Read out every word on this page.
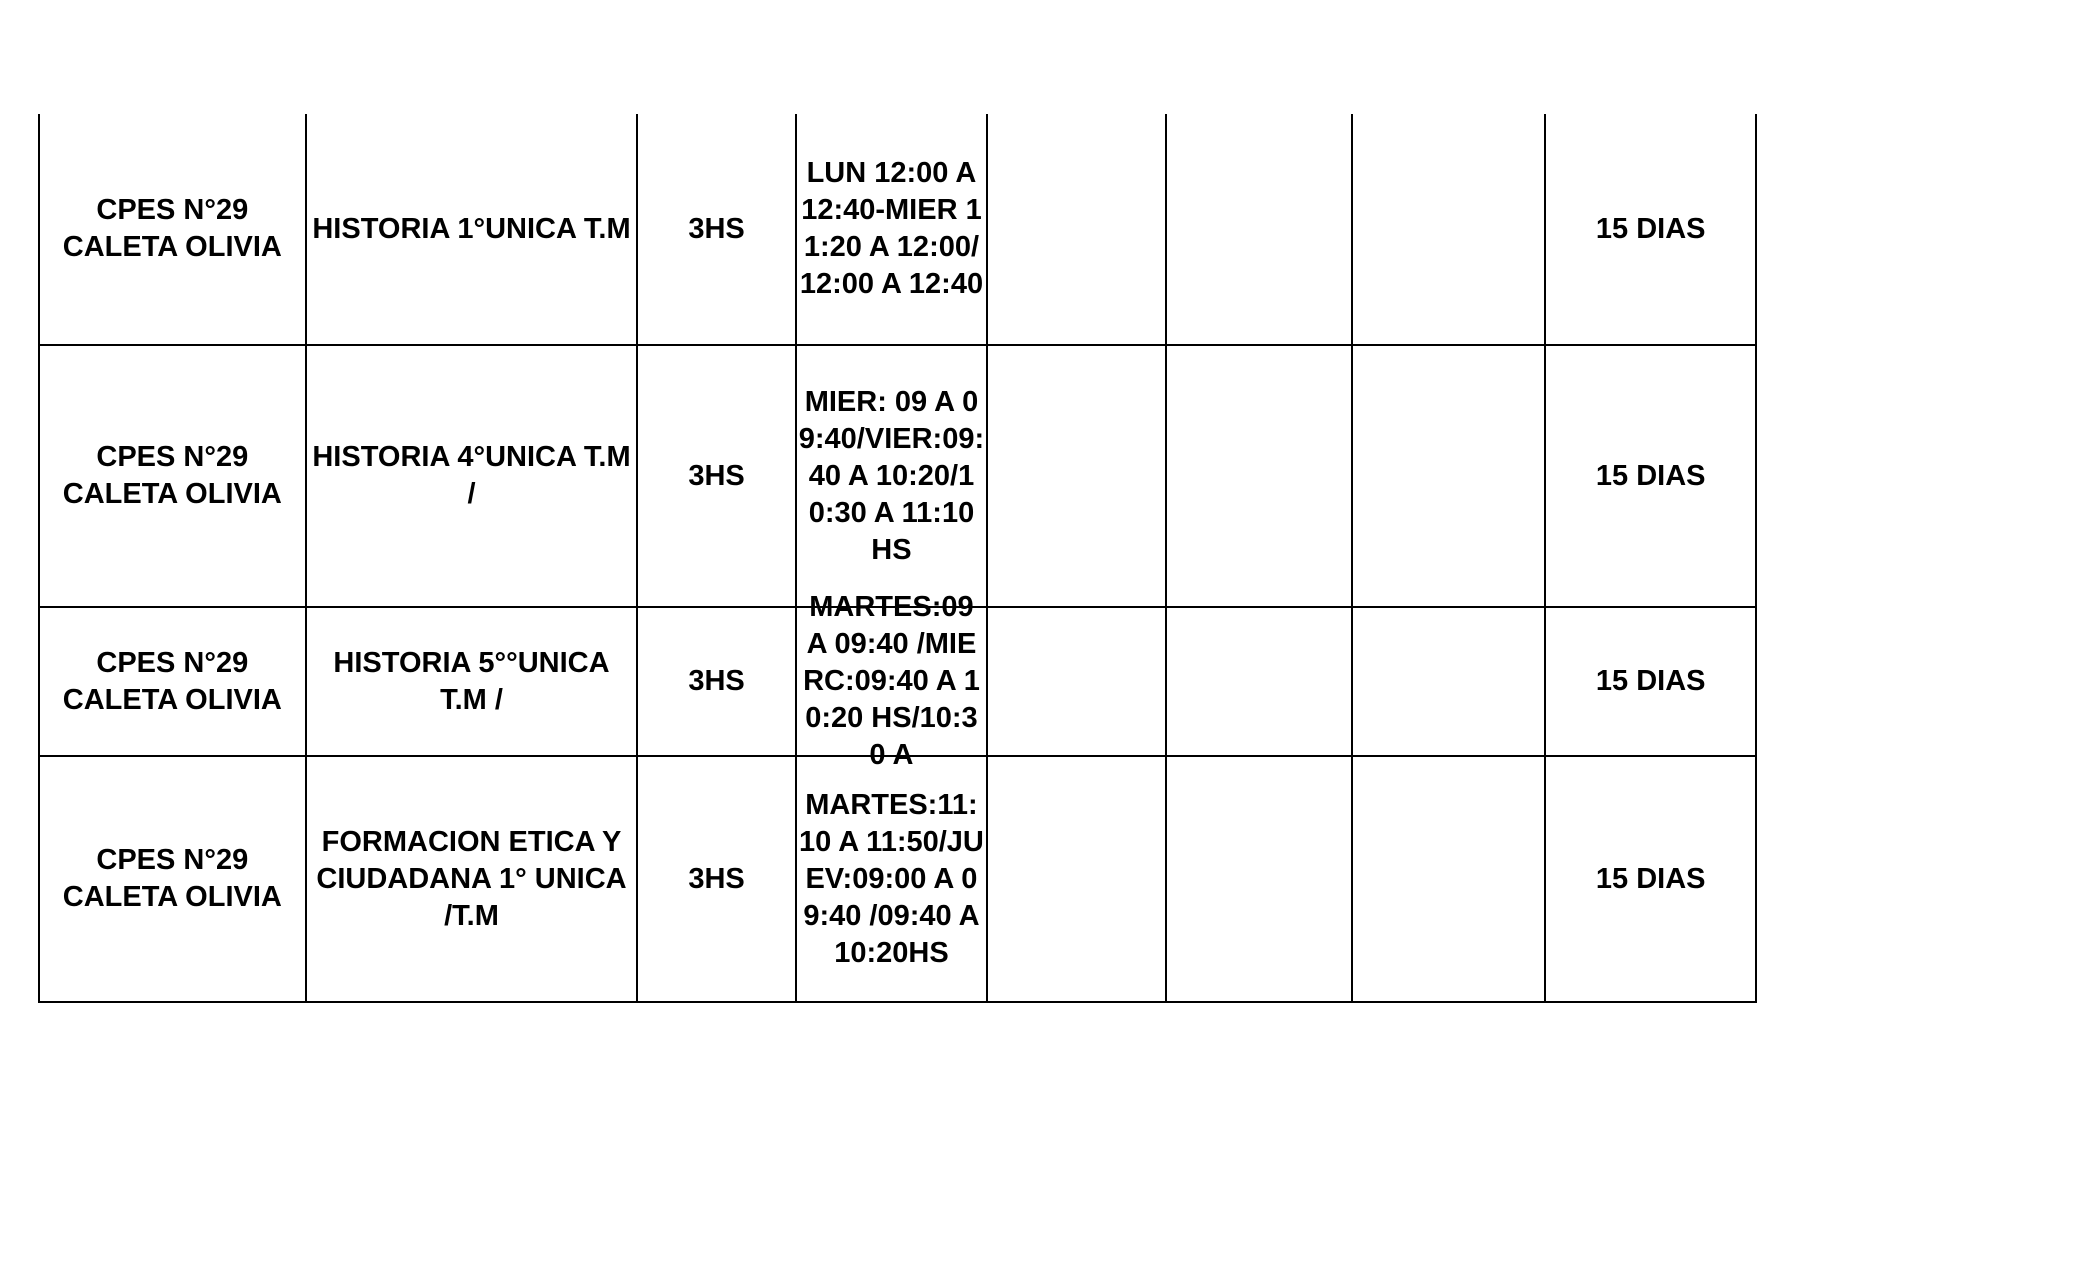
CPES N°29 CALETA OLIVIA	HISTORIA 1°UNICA T.M	3HS	LUN 12:00 A 12:40-MIER 11:20 A 12:00/12:00 A 12:40				15 DIAS
CPES N°29 CALETA OLIVIA	HISTORIA 4°UNICA T.M /	3HS	MIER: 09 A 09:40/VIER:09:40 A 10:20/10:30 A 11:10HS				15 DIAS
CPES N°29 CALETA OLIVIA	HISTORIA 5°°UNICA T.M /	3HS	MARTES:09 A 09:40 /MIERC:09:40 A 10:20 HS/10:30 A				15 DIAS
CPES N°29 CALETA OLIVIA	FORMACION ETICA Y CIUDADANA 1° UNICA /T.M	3HS	MARTES:11:10 A 11:50/JUEV:09:00 A 09:40 /09:40 A 10:20HS				15 DIAS
